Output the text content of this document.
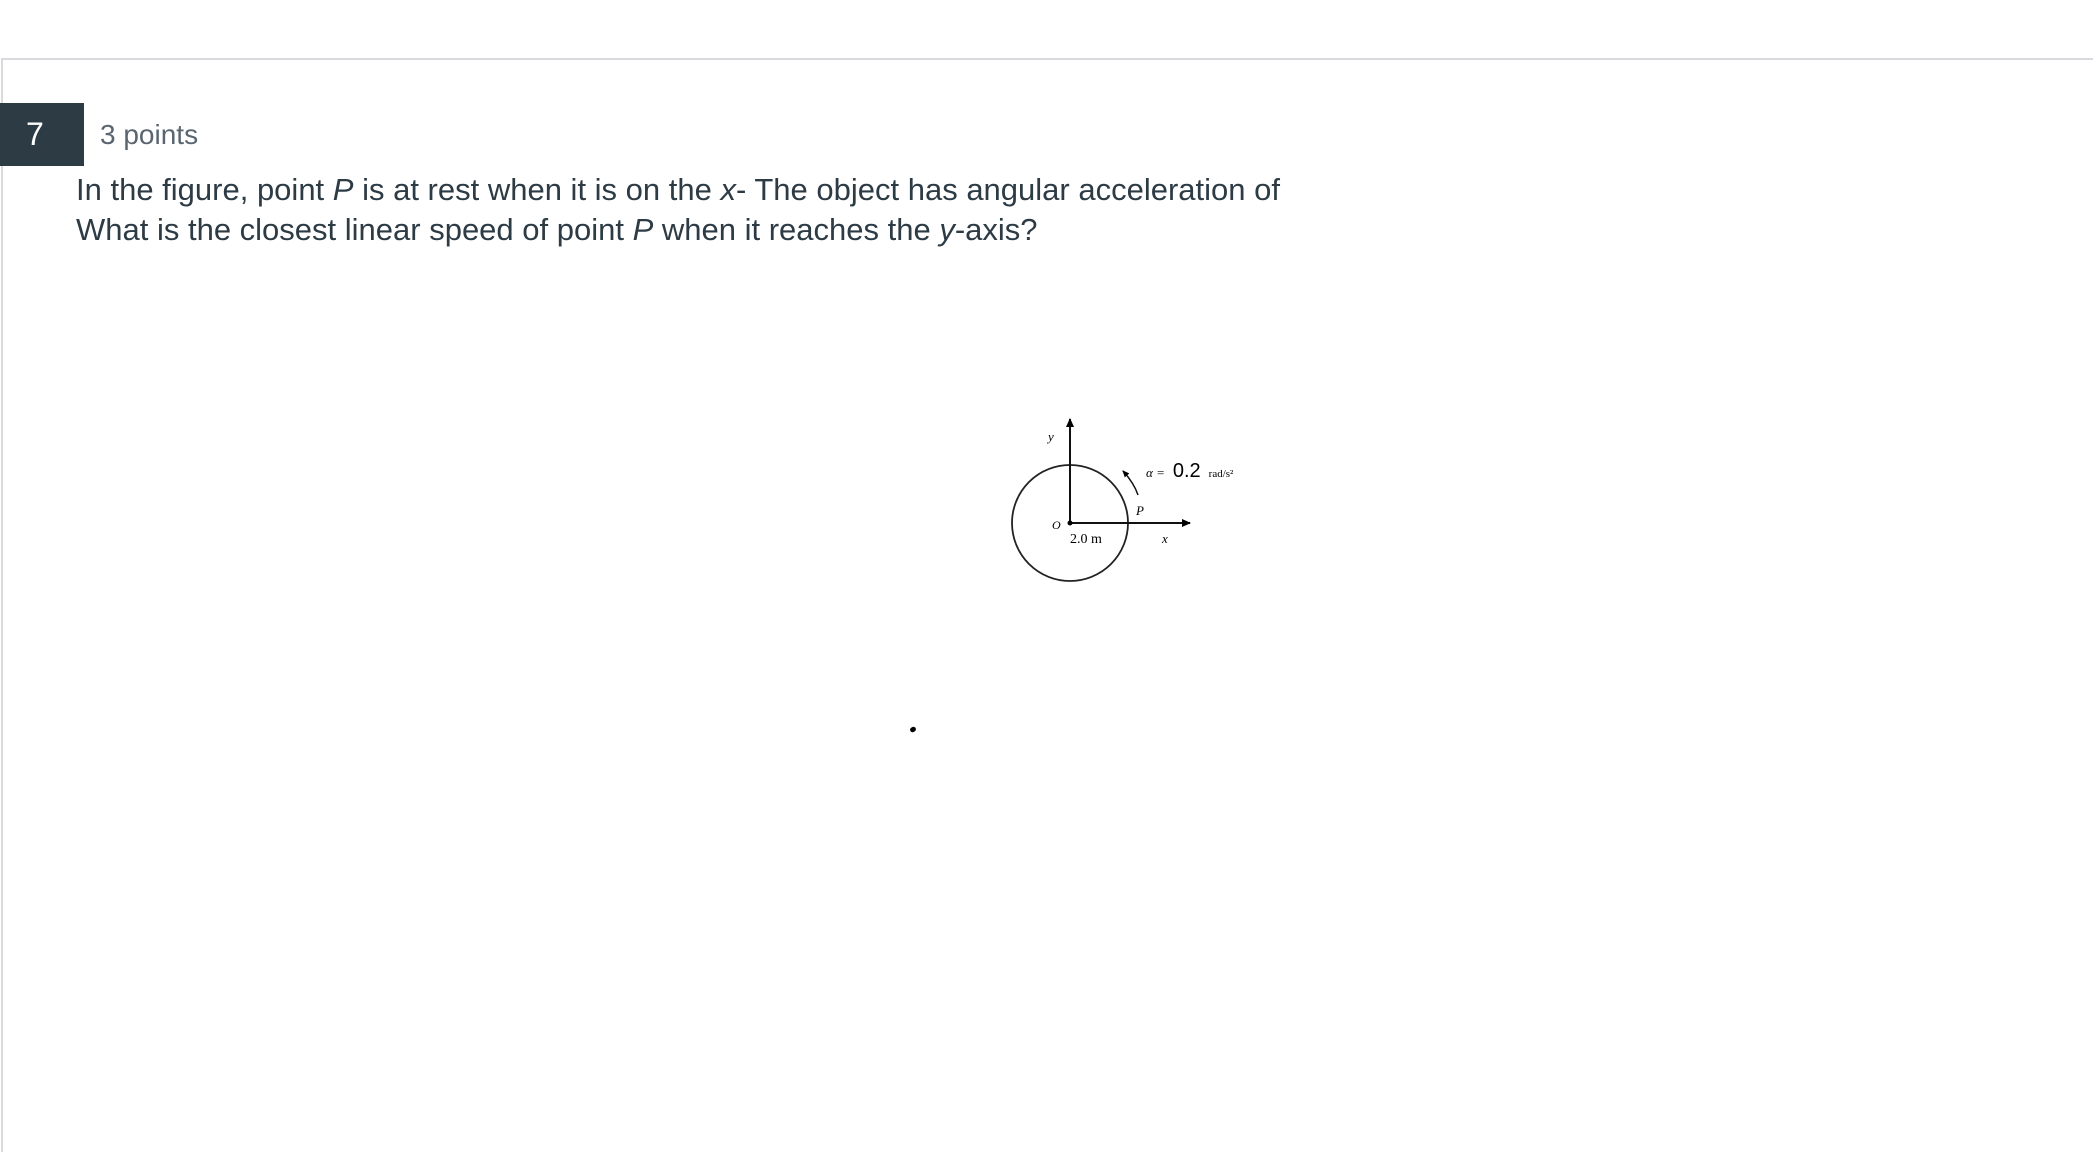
7	3 points
In the figure, point P is at rest when it is on the x- The object has angular acceleration of
What is the closest linear speed of point P when it reaches the y-axis?
y
x
O
P
2.0 m
α = 0.2 rad/s²
